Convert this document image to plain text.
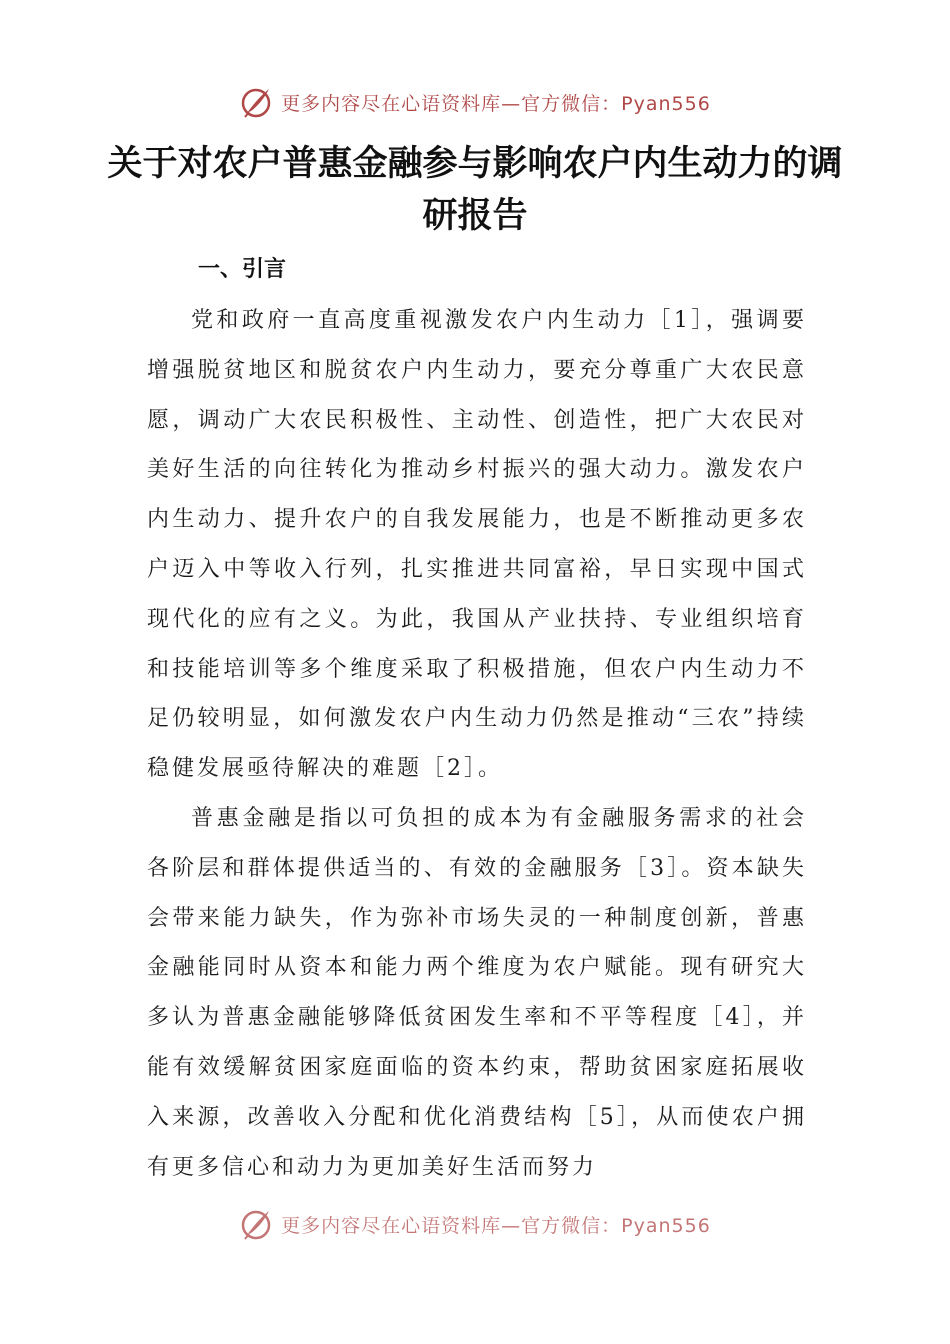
更多内容尽在心语资料库—官方微信：Pyan556
关于对农户普惠金融参与影响农户内生动力的调研报告
一、引言

党和政府一直高度重视激发农户内生动力［1］，强调要增强脱贫地区和脱贫农户内生动力，要充分尊重广大农民意愿，调动广大农民积极性、主动性、创造性，把广大农民对美好生活的向往转化为推动乡村振兴的强大动力。激发农户内生动力、提升农户的自我发展能力，也是不断推动更多农户迈入中等收入行列，扎实推进共同富裕，早日实现中国式现代化的应有之义。为此，我国从产业扶持、专业组织培育和技能培训等多个维度采取了积极措施，但农户内生动力不足仍较明显，如何激发农户内生动力仍然是推动“三农”持续稳健发展亟待解决的难题［2］。

普惠金融是指以可负担的成本为有金融服务需求的社会各阶层和群体提供适当的、有效的金融服务［3］。资本缺失会带来能力缺失，作为弥补市场失灵的一种制度创新，普惠金融能同时从资本和能力两个维度为农户赋能。现有研究大多认为普惠金融能够降低贫困发生率和不平等程度［4］，并能有效缓解贫困家庭面临的资本约束，帮助贫困家庭拓展收入来源，改善收入分配和优化消费结构［5］，从而使农户拥有更多信心和动力为更加美好生活而努力

更多内容尽在心语资料库—官方微信：Pyan556
